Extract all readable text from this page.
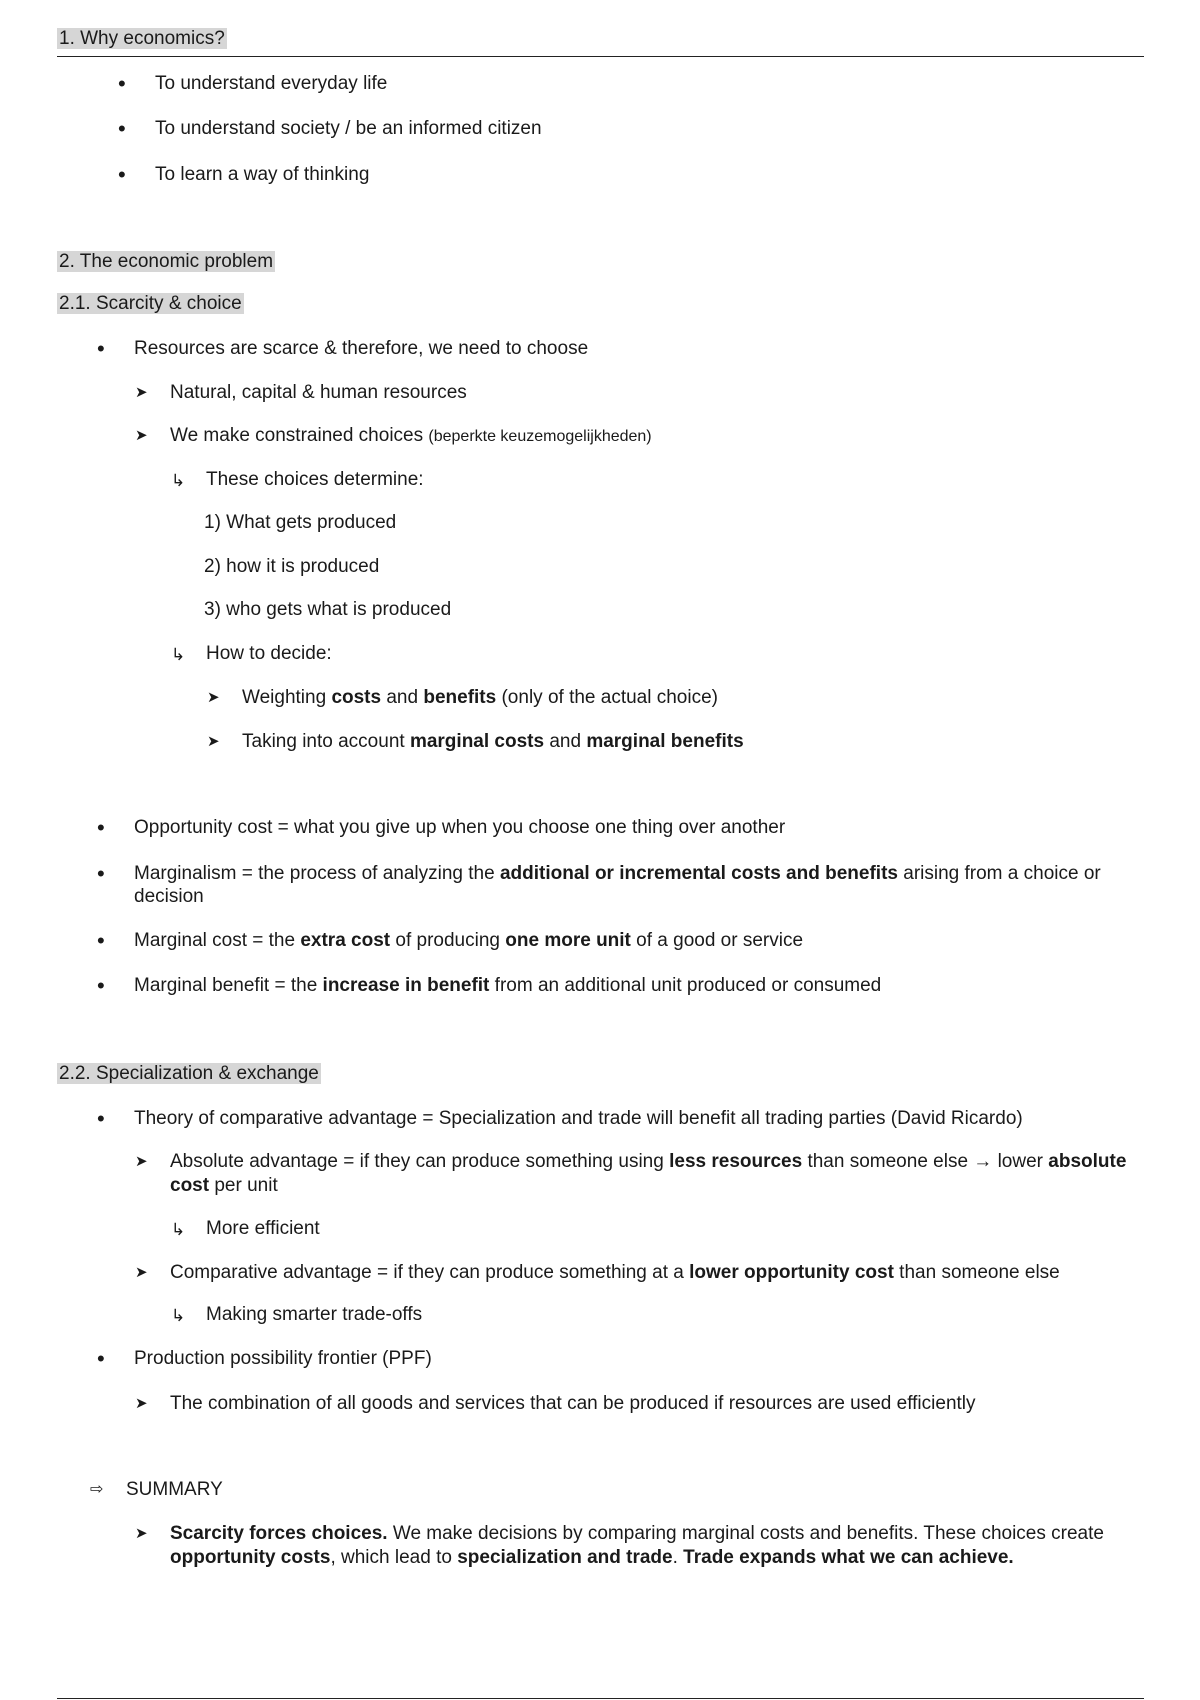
1. Why economics?
• To understand everyday life
• To understand society / be an informed citizen
• To learn a way of thinking
2. The economic problem
2.1. Scarcity & choice
• Resources are scarce & therefore, we need to choose
➤ Natural, capital & human resources
➤ We make constrained choices (beperkte keuzemogelijkheden)
↳ These choices determine:
1) What gets produced
2) how it is produced
3) who gets what is produced
↳ How to decide:
➤ Weighting costs and benefits (only of the actual choice)
➤ Taking into account marginal costs and marginal benefits
• Opportunity cost = what you give up when you choose one thing over another
• Marginalism = the process of analyzing the additional or incremental costs and benefits arising from a choice or
decision
• Marginal cost = the extra cost of producing one more unit of a good or service
• Marginal benefit = the increase in benefit from an additional unit produced or consumed
2.2. Specialization & exchange
• Theory of comparative advantage = Specialization and trade will benefit all trading parties (David Ricardo)
➤ Absolute advantage = if they can produce something using less resources than someone else → lower absolute
cost per unit
↳ More efficient
➤ Comparative advantage = if they can produce something at a lower opportunity cost than someone else
↳ Making smarter trade-offs
• Production possibility frontier (PPF)
➤ The combination of all goods and services that can be produced if resources are used efficiently
⇨ SUMMARY
➤ Scarcity forces choices. We make decisions by comparing marginal costs and benefits. These choices create
opportunity costs, which lead to specialization and trade. Trade expands what we can achieve.
